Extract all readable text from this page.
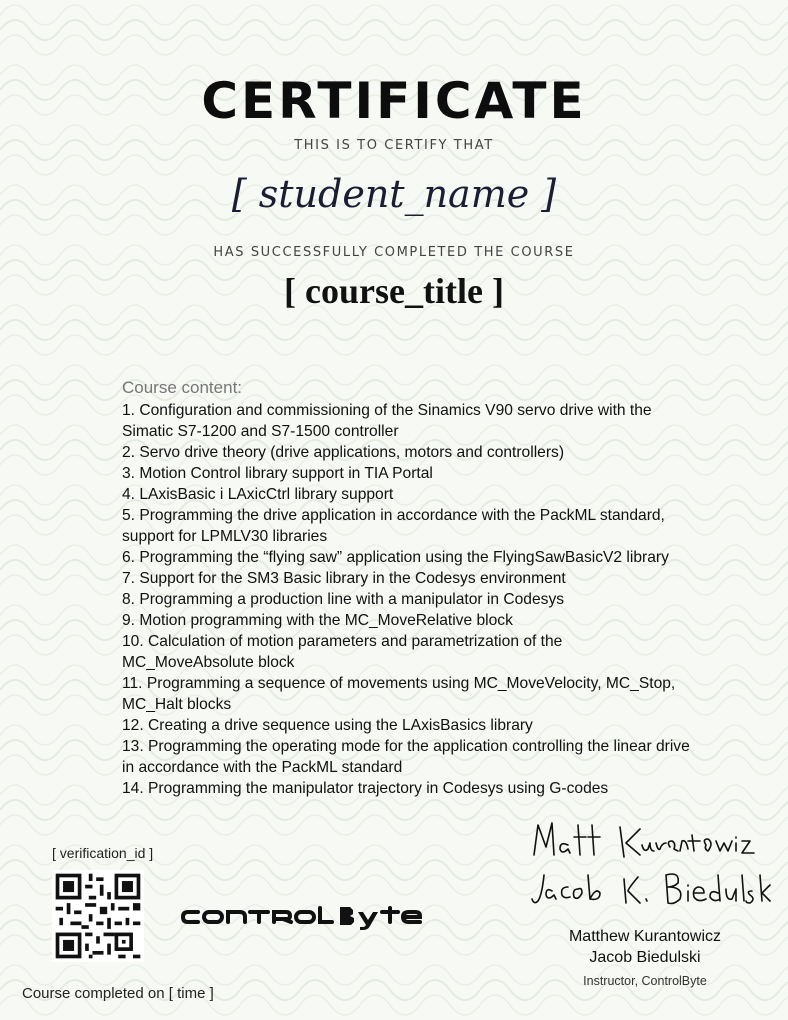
CERTIFICATE
THIS IS TO CERTIFY THAT
[ student_name ]
HAS SUCCESSFULLY COMPLETED THE COURSE
[ course_title ]
Course content:
1. Configuration and commissioning of the Sinamics V90 servo drive with the Simatic S7-1200 and S7-1500 controller
2. Servo drive theory (drive applications, motors and controllers)
3. Motion Control library support in TIA Portal
4. LAxisBasic i LAxicCtrl library support
5. Programming the drive application in accordance with the PackML standard, support for LPMLV30 libraries
6. Programming the “flying saw” application using the FlyingSawBasicV2 library
7. Support for the SM3 Basic library in the Codesys environment
8. Programming a production line with a manipulator in Codesys
9. Motion programming with the MC_MoveRelative block
10. Calculation of motion parameters and parametrization of the MC_MoveAbsolute block
11. Programming a sequence of movements using MC_MoveVelocity, MC_Stop, MC_Halt blocks
12. Creating a drive sequence using the LAxisBasics library
13. Programming the operating mode for the application controlling the linear drive in accordance with the PackML standard
14. Programming the manipulator trajectory in Codesys using G-codes
[ verification_id ]
Matthew Kurantowicz
Jacob Biedulski
Instructor, ControlByte
Course completed on [ time ]
